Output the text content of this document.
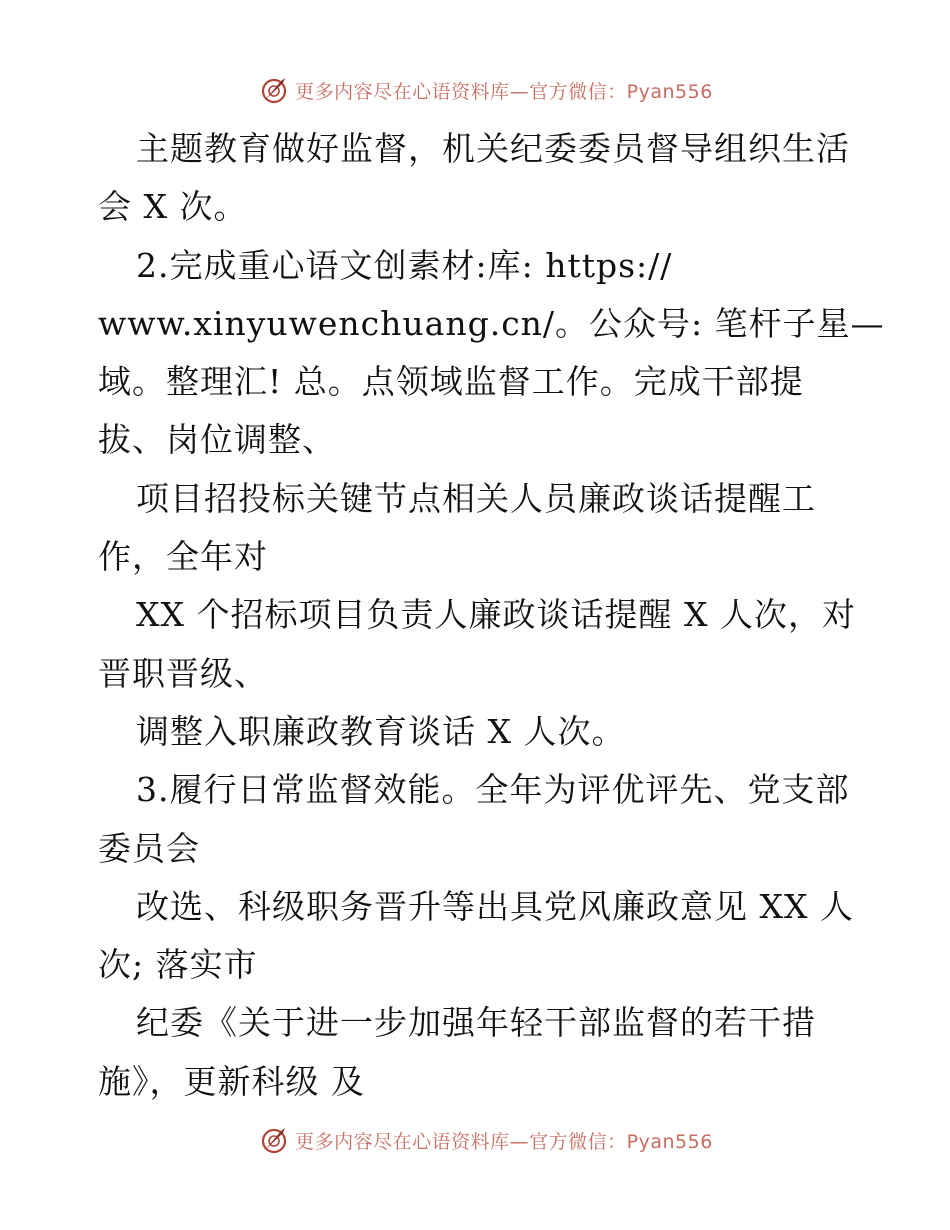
更多内容尽在心语资料库—官方微信：Pyan556
主题教育做好监督，机关纪委委员督导组织生活
会 X 次。
2.完成重心语文创素材:库: https://
www.xinyuwenchuang.cn/。公众号: 笔杆子星—
域。整理汇! 总。点领域监督工作。完成干部提
拔、岗位调整、
项目招投标关键节点相关人员廉政谈话提醒工
作，全年对
XX 个招标项目负责人廉政谈话提醒 X 人次，对
晋职晋级、
调整入职廉政教育谈话 X 人次。
3.履行日常监督效能。全年为评优评先、党支部
委员会
改选、科级职务晋升等出具党风廉政意见 XX 人
次; 落实市
纪委《关于进一步加强年轻干部监督的若干措
施》，更新科级 及
更多内容尽在心语资料库—官方微信：Pyan556
